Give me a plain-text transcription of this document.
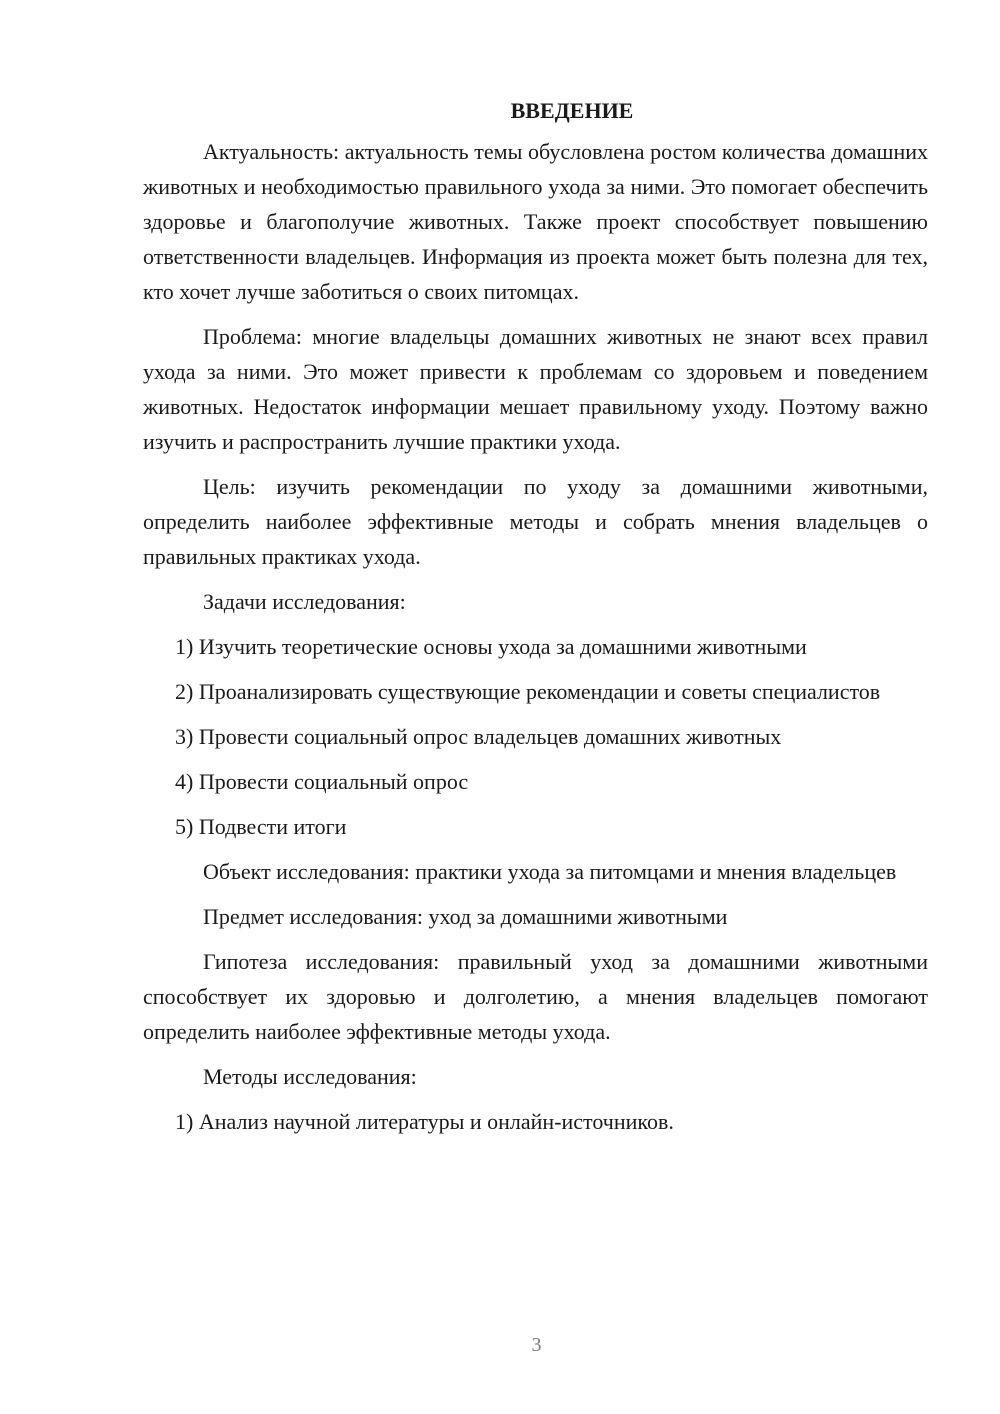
ВВЕДЕНИЕ

Актуальность: актуальность темы обусловлена ростом количества домашних животных и необходимостью правильного ухода за ними. Это помогает обеспечить здоровье и благополучие животных. Также проект способствует повышению ответственности владельцев. Информация из проекта может быть полезна для тех, кто хочет лучше заботиться о своих питомцах.

Проблема: многие владельцы домашних животных не знают всех правил ухода за ними. Это может привести к проблемам со здоровьем и поведением животных. Недостаток информации мешает правильному уходу. Поэтому важно изучить и распространить лучшие практики ухода.

Цель: изучить рекомендации по уходу за домашними животными, определить наиболее эффективные методы и собрать мнения владельцев о правильных практиках ухода.

Задачи исследования:

1) Изучить теоретические основы ухода за домашними животными

2) Проанализировать существующие рекомендации и советы специалистов

3) Провести социальный опрос владельцев домашних животных

4) Провести социальный опрос

5) Подвести итоги

Объект исследования: практики ухода за питомцами и мнения владельцев

Предмет исследования: уход за домашними животными

Гипотеза исследования: правильный уход за домашними животными способствует их здоровью и долголетию, а мнения владельцев помогают определить наиболее эффективные методы ухода.

Методы исследования:

1) Анализ научной литературы и онлайн-источников.

3
